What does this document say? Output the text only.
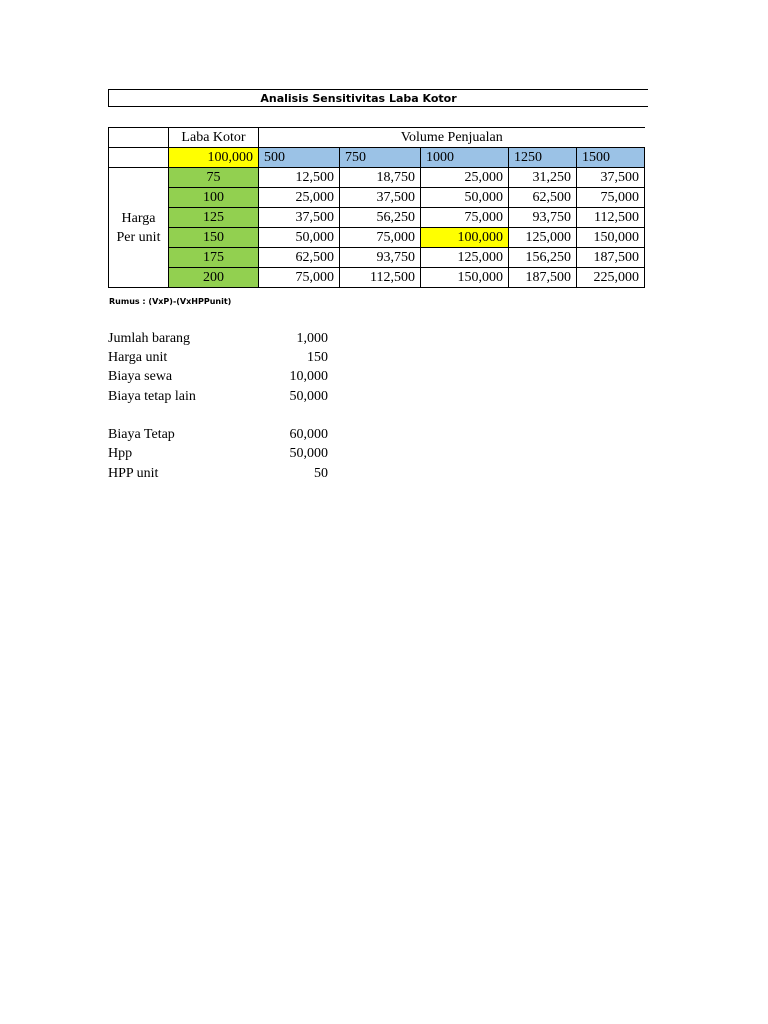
Analisis Sensitivitas Laba Kotor
	Laba Kotor	Volume Penjualan				
	100,000	500	750	1000	1250	1500

Harga
Per unit	75	12,500	18,750	25,000	31,250	37,500
	100	25,000	37,500	50,000	62,500	75,000
	125	37,500	56,250	75,000	93,750	112,500
	150	50,000	75,000	100,000	125,000	150,000
	175	62,500	93,750	125,000	156,250	187,500
	200	75,000	112,500	150,000	187,500	225,000
Rumus : (VxP)-(VxHPPunit)
Jumlah barang	1,000
Harga unit	150
Biaya sewa	10,000
Biaya tetap lain	50,000
Biaya Tetap	60,000
Hpp	50,000
HPP unit	50
